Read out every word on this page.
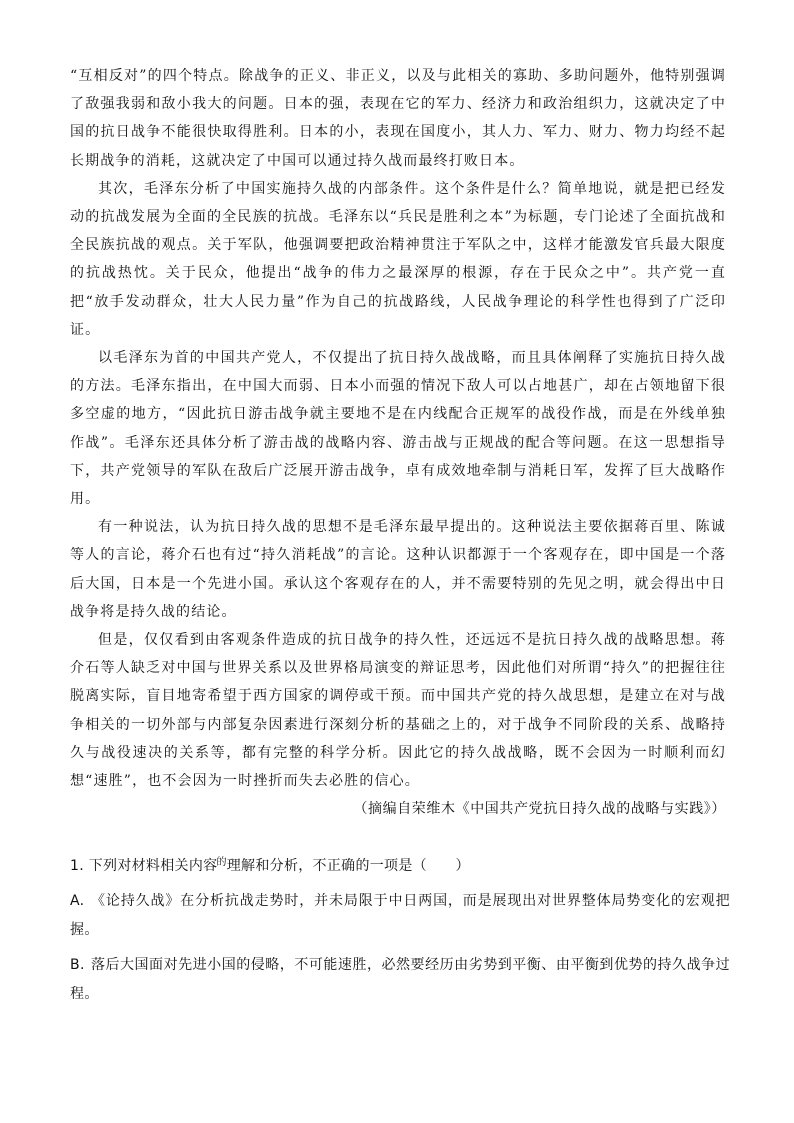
“互相反对”的四个特点。除战争的正义、非正义，以及与此相关的寡助、多助问题外，他特别强调了敌强我弱和敌小我大的问题。日本的强，表现在它的军力、经济力和政治组织力，这就决定了中国的抗日战争不能很快取得胜利。日本的小，表现在国度小，其人力、军力、财力、物力均经不起长期战争的消耗，这就决定了中国可以通过持久战而最终打败日本。

其次，毛泽东分析了中国实施持久战的内部条件。这个条件是什么？简单地说，就是把已经发动的抗战发展为全面的全民族的抗战。毛泽东以“兵民是胜利之本”为标题，专门论述了全面抗战和全民族抗战的观点。关于军队，他强调要把政治精神贯注于军队之中，这样才能激发官兵最大限度的抗战热忱。关于民众，他提出“战争的伟力之最深厚的根源，存在于民众之中”。共产党一直把“放手发动群众，壮大人民力量”作为自己的抗战路线，人民战争理论的科学性也得到了广泛印证。

以毛泽东为首的中国共产党人，不仅提出了抗日持久战战略，而且具体阐释了实施抗日持久战的方法。毛泽东指出，在中国大而弱、日本小而强的情况下敌人可以占地甚广，却在占领地留下很多空虚的地方，“因此抗日游击战争就主要地不是在内线配合正规军的战役作战，而是在外线单独作战”。毛泽东还具体分析了游击战的战略内容、游击战与正规战的配合等问题。在这一思想指导下，共产党领导的军队在敌后广泛展开游击战争，卓有成效地牵制与消耗日军，发挥了巨大战略作用。

有一种说法，认为抗日持久战的思想不是毛泽东最早提出的。这种说法主要依据蒋百里、陈诚等人的言论，蒋介石也有过“持久消耗战”的言论。这种认识都源于一个客观存在，即中国是一个落后大国，日本是一个先进小国。承认这个客观存在的人，并不需要特别的先见之明，就会得出中日战争将是持久战的结论。

但是，仅仅看到由客观条件造成的抗日战争的持久性，还远远不是抗日持久战的战略思想。蒋介石等人缺乏对中国与世界关系以及世界格局演变的辩证思考，因此他们对所谓“持久”的把握往往脱离实际，盲目地寄希望于西方国家的调停或干预。而中国共产党的持久战思想，是建立在对与战争相关的一切外部与内部复杂因素进行深刻分析的基础之上的，对于战争不同阶段的关系、战略持久与战役速决的关系等，都有完整的科学分析。因此它的持久战战略，既不会因为一时顺利而幻想“速胜”，也不会因为一时挫折而失去必胜的信心。

（摘编自荣维木《中国共产党抗日持久战的战略与实践》）

1. 下列对材料相关内容$^的$理解和分析，不正确的一项是（　　）
A. 《论持久战》在分析抗战走势时，并未局限于中日两国，而是展现出对世界整体局势变化的宏观把握。
B. 落后大国面对先进小国的侵略，不可能速胜，必然要经历由劣势到平衡、由平衡到优势的持久战争过程。
